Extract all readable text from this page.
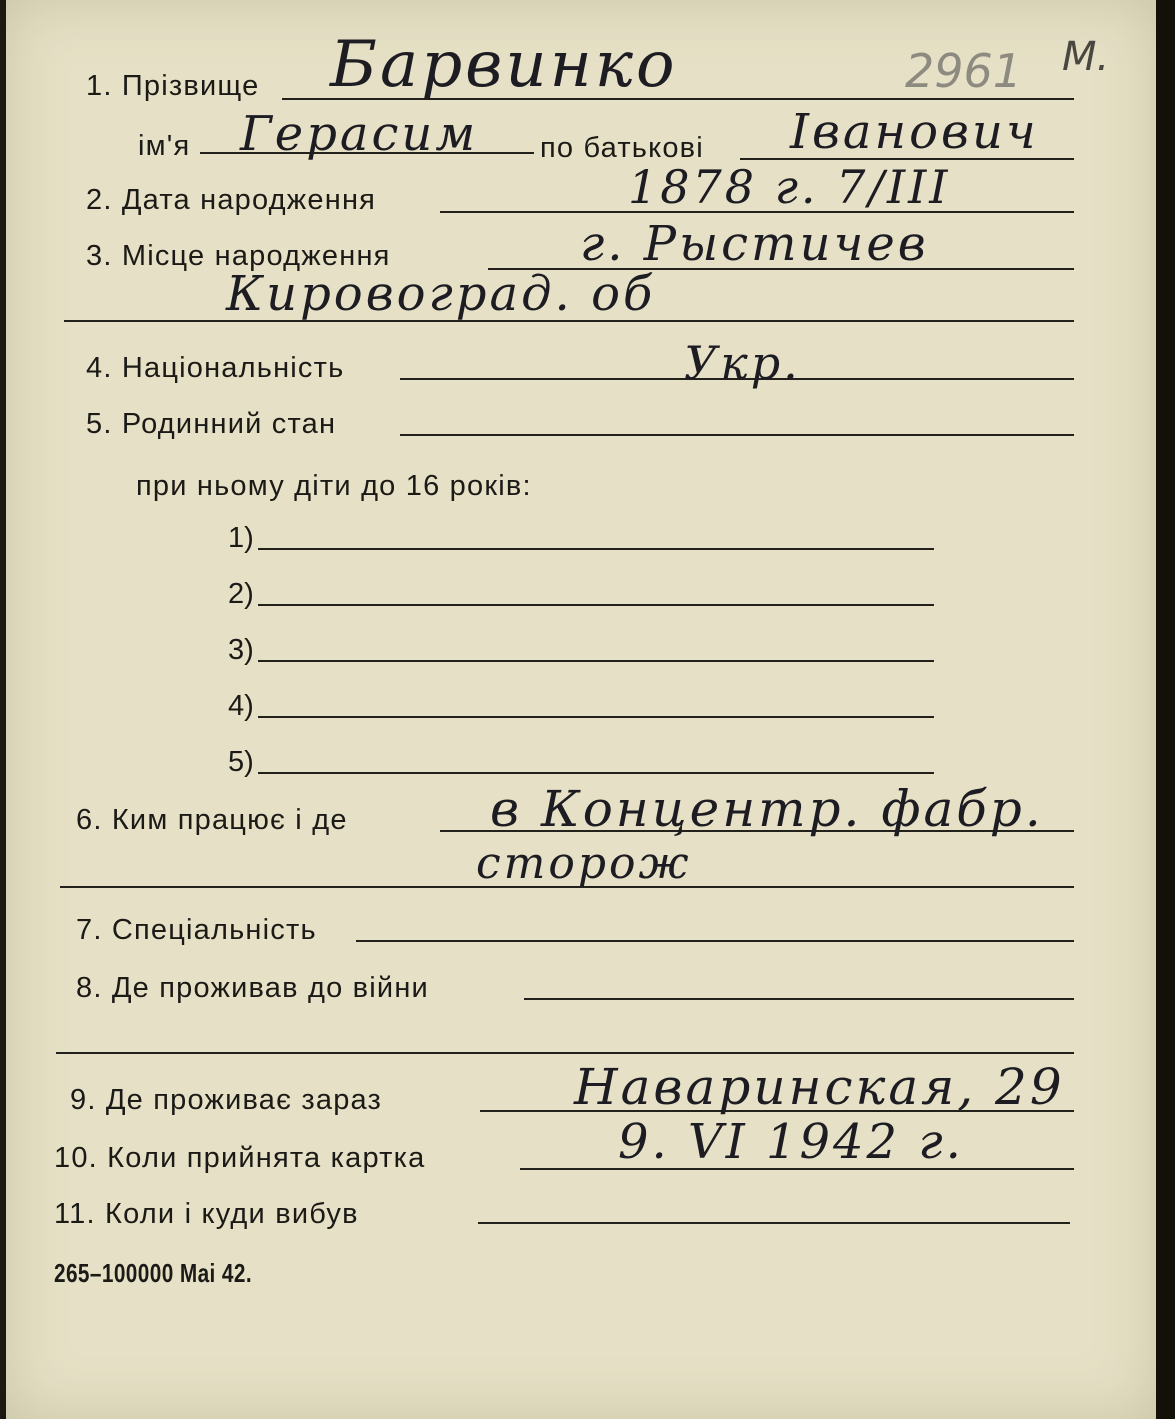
1. Прізвище Барвинко	2961 М.
ім'я Герасим по батькові Іванович
2. Дата народження	1878 г. 7/III
3. Місце народження	г. Рыстичев
Кировоград. об
4. Національність	Укр.
5. Родинний стан
при ньому діти до 16 років:
1)
2)
3)
4)
5)
6. Ким працює і де	в Концентр. фабр.
сторож
7. Спеціальність
8. Де проживав до війни
9. Де проживає зараз	Наваринская, 29
10. Коли прийнята картка	9. VI 1942 г.
11. Коли і куди вибув
265–100000 Mai 42.
